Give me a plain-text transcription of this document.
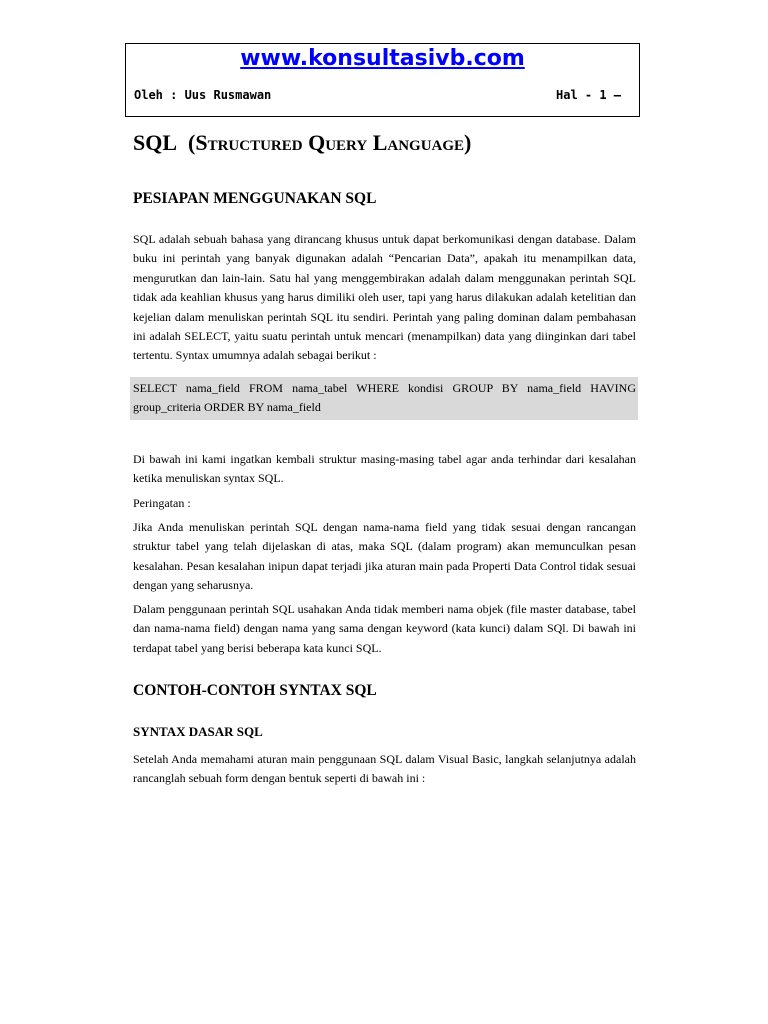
www.konsultasivb.com
Oleh : Uus Rusmawan	Hal - 1 –
SQL (Structured Query Language)
PESIAPAN MENGGUNAKAN SQL

SQL adalah sebuah bahasa yang dirancang khusus untuk dapat berkomunikasi dengan database. Dalam buku ini perintah yang banyak digunakan adalah “Pencarian Data”, apakah itu menampilkan data, mengurutkan dan lain-lain. Satu hal yang menggembirakan adalah dalam menggunakan perintah SQL tidak ada keahlian khusus yang harus dimiliki oleh user, tapi yang harus dilakukan adalah ketelitian dan kejelian dalam menuliskan perintah SQL itu sendiri. Perintah yang paling dominan dalam pembahasan ini adalah SELECT, yaitu suatu perintah untuk mencari (menampilkan) data yang diinginkan dari tabel tertentu. Syntax umumnya adalah sebagai berikut :

SELECT nama_field FROM nama_tabel WHERE kondisi GROUP BY nama_field HAVING group_criteria ORDER BY nama_field

Di bawah ini kami ingatkan kembali struktur masing-masing tabel agar anda terhindar dari kesalahan ketika menuliskan syntax SQL.

Peringatan :

Jika Anda menuliskan perintah SQL dengan nama-nama field yang tidak sesuai dengan rancangan struktur tabel yang telah dijelaskan di atas, maka SQL (dalam program) akan memunculkan pesan kesalahan. Pesan kesalahan inipun dapat terjadi jika aturan main pada Properti Data Control tidak sesuai dengan yang seharusnya.

Dalam penggunaan perintah SQL usahakan Anda tidak memberi nama objek (file master database, tabel dan nama-nama field) dengan nama yang sama dengan keyword (kata kunci) dalam SQl. Di bawah ini terdapat tabel yang berisi beberapa kata kunci SQL.

CONTOH-CONTOH SYNTAX SQL
SYNTAX DASAR SQL

Setelah Anda memahami aturan main penggunaan SQL dalam Visual Basic, langkah selanjutnya adalah rancanglah sebuah form dengan bentuk seperti di bawah ini :
